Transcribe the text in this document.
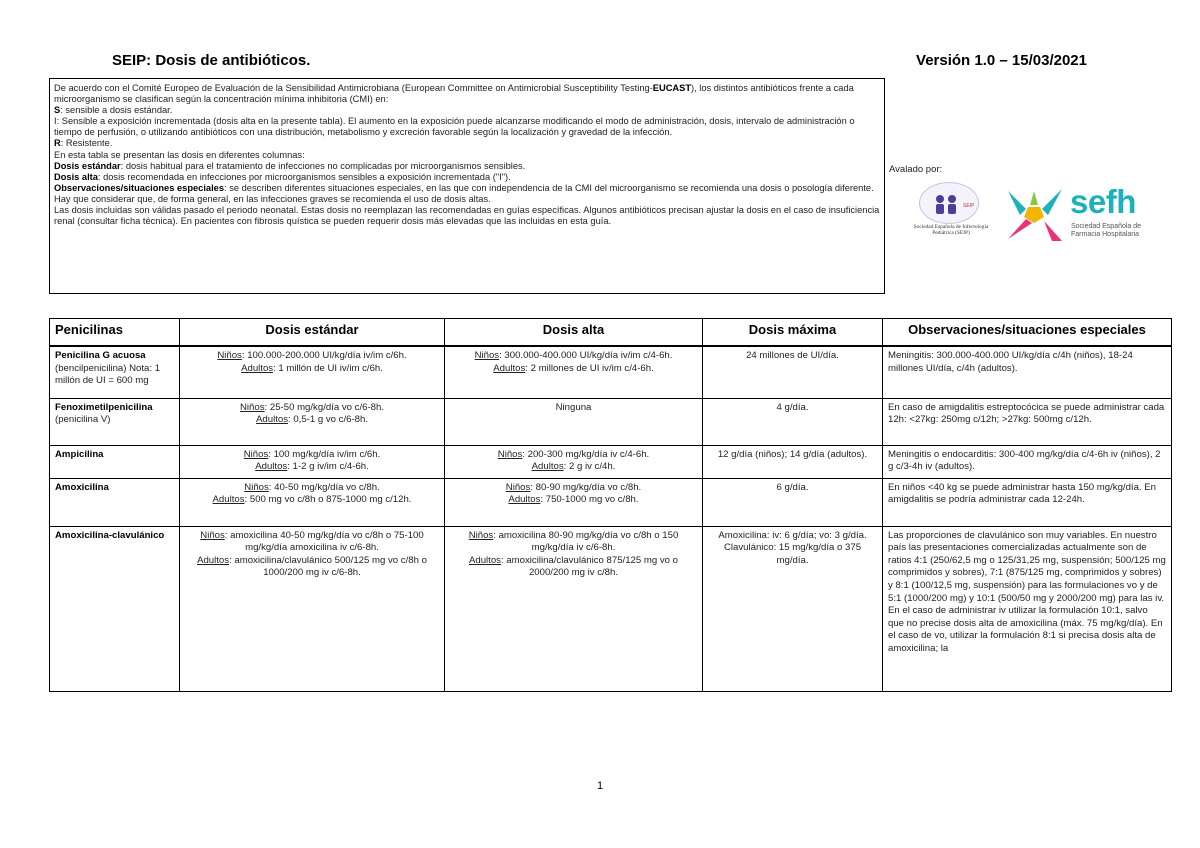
SEIP: Dosis de antibióticos.	Versión 1.0 – 15/03/2021

De acuerdo con el Comité Europeo de Evaluación de la Sensibilidad Antimicrobiana (European Committee on Antimicrobial Susceptibility Testing-EUCAST), los distintos antibióticos frente a cada microorganismo se clasifican según la concentración mínima inhibitoria (CMI) en:

S: sensible a dosis estándar.

I: Sensible a exposición incrementada (dosis alta en la presente tabla). El aumento en la exposición puede alcanzarse modificando el modo de administración, dosis, intervalo de administración o tiempo de perfusión, o utilizando antibióticos con una distribución, metabolismo y excreción favorable según la localización y gravedad de la infección.

R: Resistente.

En esta tabla se presentan las dosis en diferentes columnas:

Dosis estándar: dosis habitual para el tratamiento de infecciones no complicadas por microorganismos sensibles.

Dosis alta: dosis recomendada en infecciones por microorganismos sensibles a exposición incrementada ("I").

Observaciones/situaciones especiales: se describen diferentes situaciones especiales, en las que con independencia de la CMI del microorganismo se recomienda una dosis o posología diferente.

Hay que considerar que, de forma general, en las infecciones graves se recomienda el uso de dosis altas.

Las dosis incluidas son válidas pasado el periodo neonatal. Estas dosis no reemplazan las recomendadas en guías específicas. Algunos antibióticos precisan ajustar la dosis en el caso de insuficiencia renal (consultar ficha técnica). En pacientes con fibrosis quística se pueden requerir dosis más elevadas que las incluidas en esta guía.

Avalado por:
SEIP
Sociedad Española de Infectología Pediátrica (SEIP)
sefh
Sociedad Española de Farmacia Hospitalaria
Penicilinas	Dosis estándar	Dosis alta	Dosis máxima	Observaciones/situaciones especiales
Penicilina G acuosa
(bencilpenicilina) Nota: 1 millón de UI = 600 mg	Niños: 100.000-200.000 UI/kg/día iv/im c/6h.
Adultos: 1 millón de UI iv/im c/6h.	Niños: 300.000-400.000 UI/kg/día iv/im c/4-6h.
Adultos: 2 millones de UI iv/im c/4-6h.	24 millones de UI/día.	Meningitis: 300.000-400.000 UI/kg/día c/4h (niños), 18-24 millones UI/día, c/4h (adultos).
Fenoximetilpenicilina
(penicilina V)	Niños: 25-50 mg/kg/día vo c/6-8h.
Adultos: 0,5-1 g vo c/6-8h.	Ninguna	4 g/día.	En caso de amigdalitis estreptocócica se puede administrar cada 12h: <27kg: 250mg c/12h; >27kg: 500mg c/12h.
Ampicilina	Niños: 100 mg/kg/día iv/im c/6h.
Adultos: 1-2 g iv/im c/4-6h.	Niños: 200-300 mg/kg/día iv c/4-6h.
Adultos: 2 g iv c/4h.	12 g/día (niños); 14 g/día (adultos).	Meningitis o endocarditis: 300-400 mg/kg/día c/4-6h iv (niños), 2 g c/3-4h iv (adultos).
Amoxicilina	Niños: 40-50 mg/kg/día vo c/8h.
Adultos: 500 mg vo c/8h o 875-1000 mg c/12h.	Niños: 80-90 mg/kg/día vo c/8h.
Adultos: 750-1000 mg vo c/8h.	6 g/día.	En niños <40 kg se puede administrar hasta 150 mg/kg/día. En amigdalitis se podría administrar cada 12-24h.
Amoxicilina-clavulánico	Niños: amoxicilina 40-50 mg/kg/día vo c/8h o 75-100 mg/kg/día amoxicilina iv c/6-8h.
Adultos: amoxicilina/clavulánico 500/125 mg vo c/8h o 1000/200 mg iv c/6-8h.	Niños: amoxicilina 80-90 mg/kg/día vo c/8h o 150 mg/kg/día iv c/6-8h.
Adultos: amoxicilina/clavulánico 875/125 mg vo o 2000/200 mg iv c/8h.	Amoxicilina: iv: 6 g/día; vo: 3 g/día. Clavulánico: 15 mg/kg/día o 375 mg/día.	Las proporciones de clavulánico son muy variables. En nuestro país las presentaciones comercializadas actualmente son de ratios 4:1 (250/62,5 mg o 125/31,25 mg, suspensión; 500/125 mg comprimidos y sobres), 7:1 (875/125 mg, comprimidos y sobres) y 8:1 (100/12,5 mg, suspensión) para las formulaciones vo y de 5:1 (1000/200 mg) y 10:1 (500/50 mg y 2000/200 mg) para las iv. En el caso de administrar iv utilizar la formulación 10:1, salvo que no precise dosis alta de amoxicilina (máx. 75 mg/kg/día). En el caso de vo, utilizar la formulación 8:1 si precisa dosis alta de amoxicilina; la
1
